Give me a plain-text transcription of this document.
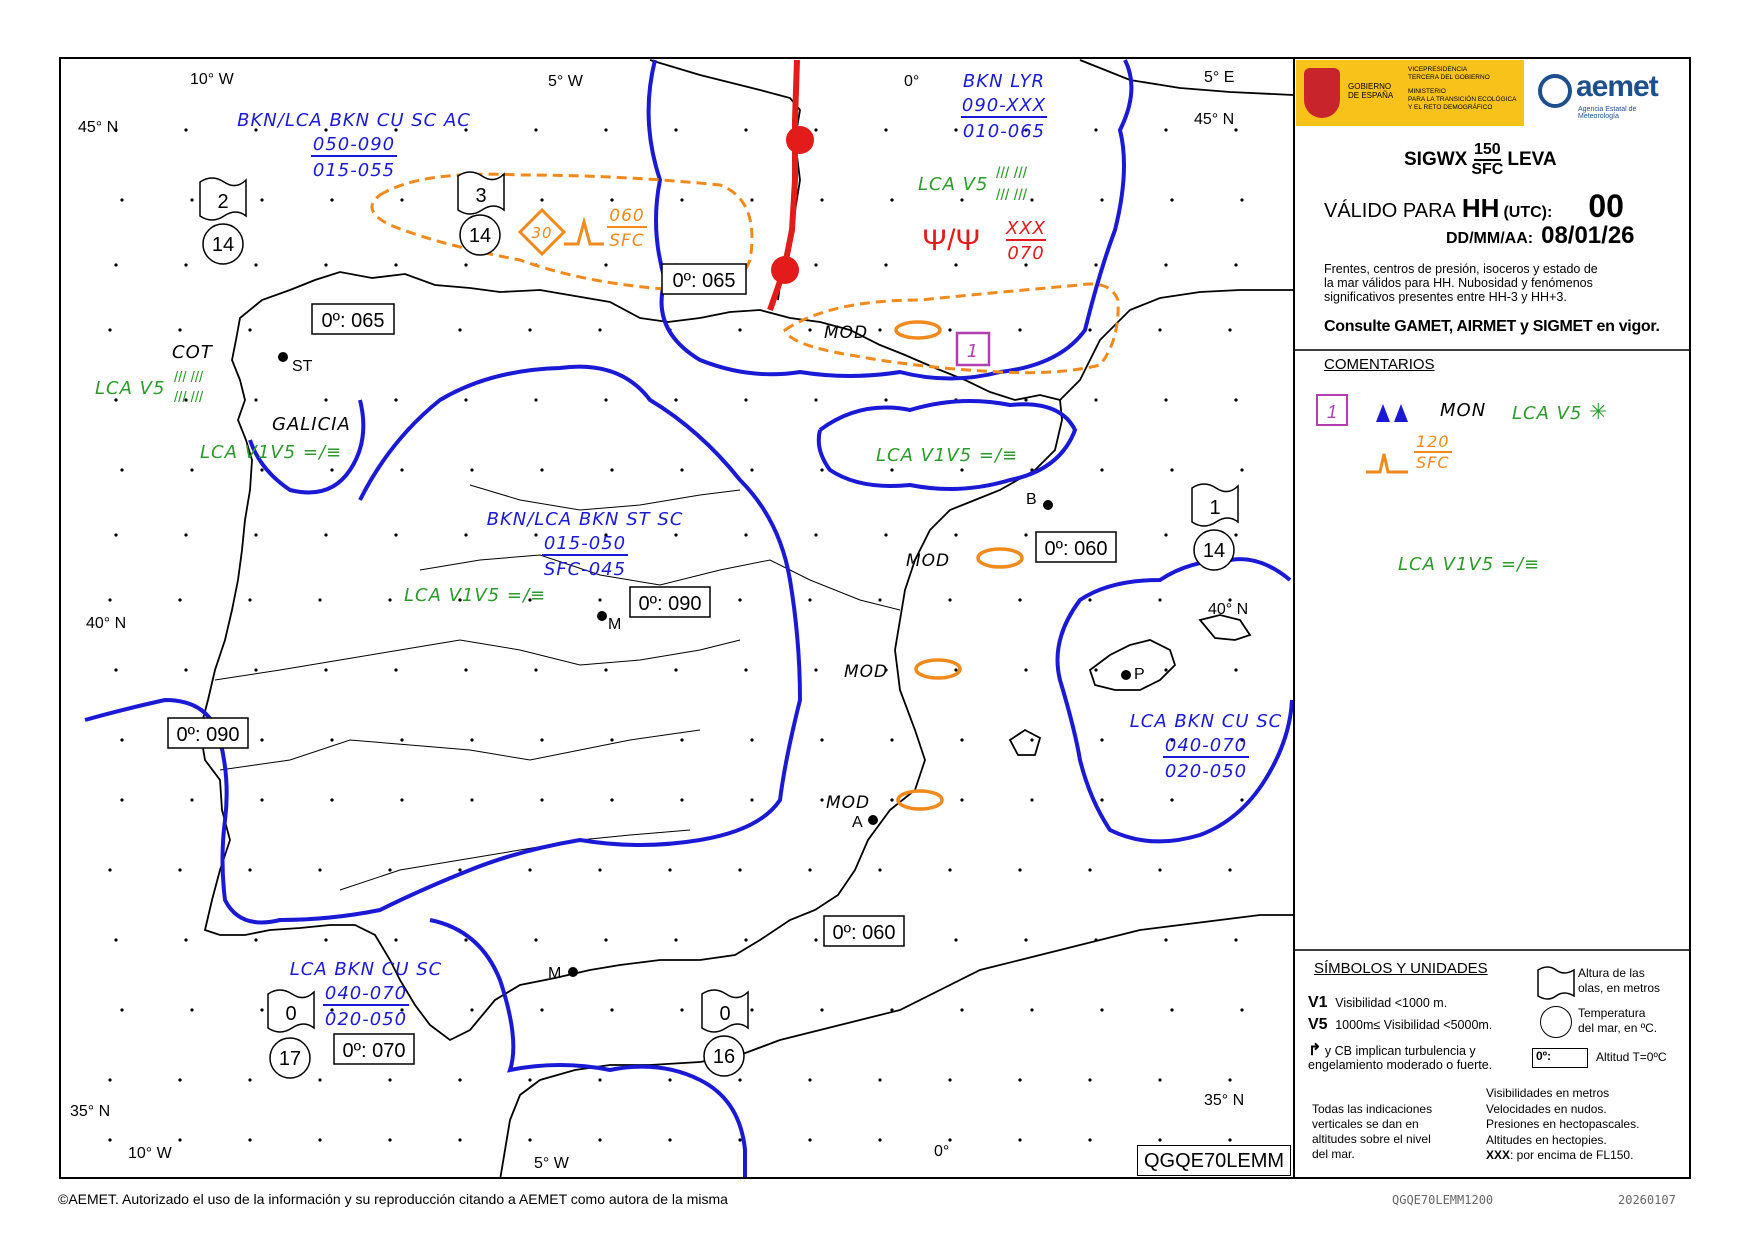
10° W	5° W	0°	5° E
45° N	45° N
40° N
40° N
35° N
35° N
10° W
5° W
0°
ST
M
B
P
A
M
GALICIA
0º: 065
0º: 065
0º: 090
0º: 090
0º: 060
0º: 060
0º: 070
2
14
3
14
1
14
0
17
0
16
BKN/LCA BKN CU SC AC
050-090
015-055
BKN LYR
090-XXX
010-065
BKN/LCA BKN ST SC
015-050
SFC-045
LCA BKN CU SC
040-070
020-050
LCA BKN CU SC
040-070
020-050
LCA V5
/// ///
/// ///
Ψ/Ψ XXX
070
LCA V1V5 =/≡
COT
LCA V5
/// ///
/// ///
LCA V1V5 =/≡	LCA V1V5 =/≡
30
060
SFC
MOD
MOD
MOD
MOD
1
GOBIERNO
DE ESPAÑA
VICEPRESIDENCIA
TERCERA DEL GOBIERNO
MINISTERIO
PARA LA TRANSICIÓN ECOLÓGICA
Y EL RETO DEMOGRÁFICO
aemet
Agencia Estatal de Meteorología
SIGWX 150
SFC LEVA
VÁLIDO PARA HH (UTC): 00
DD/MM/AA: 08/01/26
Frentes, centros de presión, isoceros y estado de
la mar válidos para HH. Nubosidad y fenómenos
significativos presentes entre HH-3 y HH+3.
Consulte GAMET, AIRMET y SIGMET en vigor.
COMENTARIOS
1	MON LCA V5 ✳
120
SFC
LCA V1V5 =/≡
SÍMBOLOS Y UNIDADES
V1 Visibilidad <1000 m.
V5 1000m≤ Visibilidad <5000m.
↱ y CB implican turbulencia y
engelamiento moderado o fuerte.
Altura de las
olas, en metros
Temperatura
del mar, en ºC.
0º:	Altitud T=0ºC
Todas las indicaciones
verticales se dan en
altitudes sobre el nivel
del mar.
Visibilidades en metros
Velocidades en nudos.
Presiones en hectopascales.
Altitudes en hectopies.
XXX: por encima de FL150.
QGQE70LEMM
©AEMET. Autorizado el uso de la información y su reproducción citando a AEMET como autora de la misma	QGQE70LEMM1200	20260107
